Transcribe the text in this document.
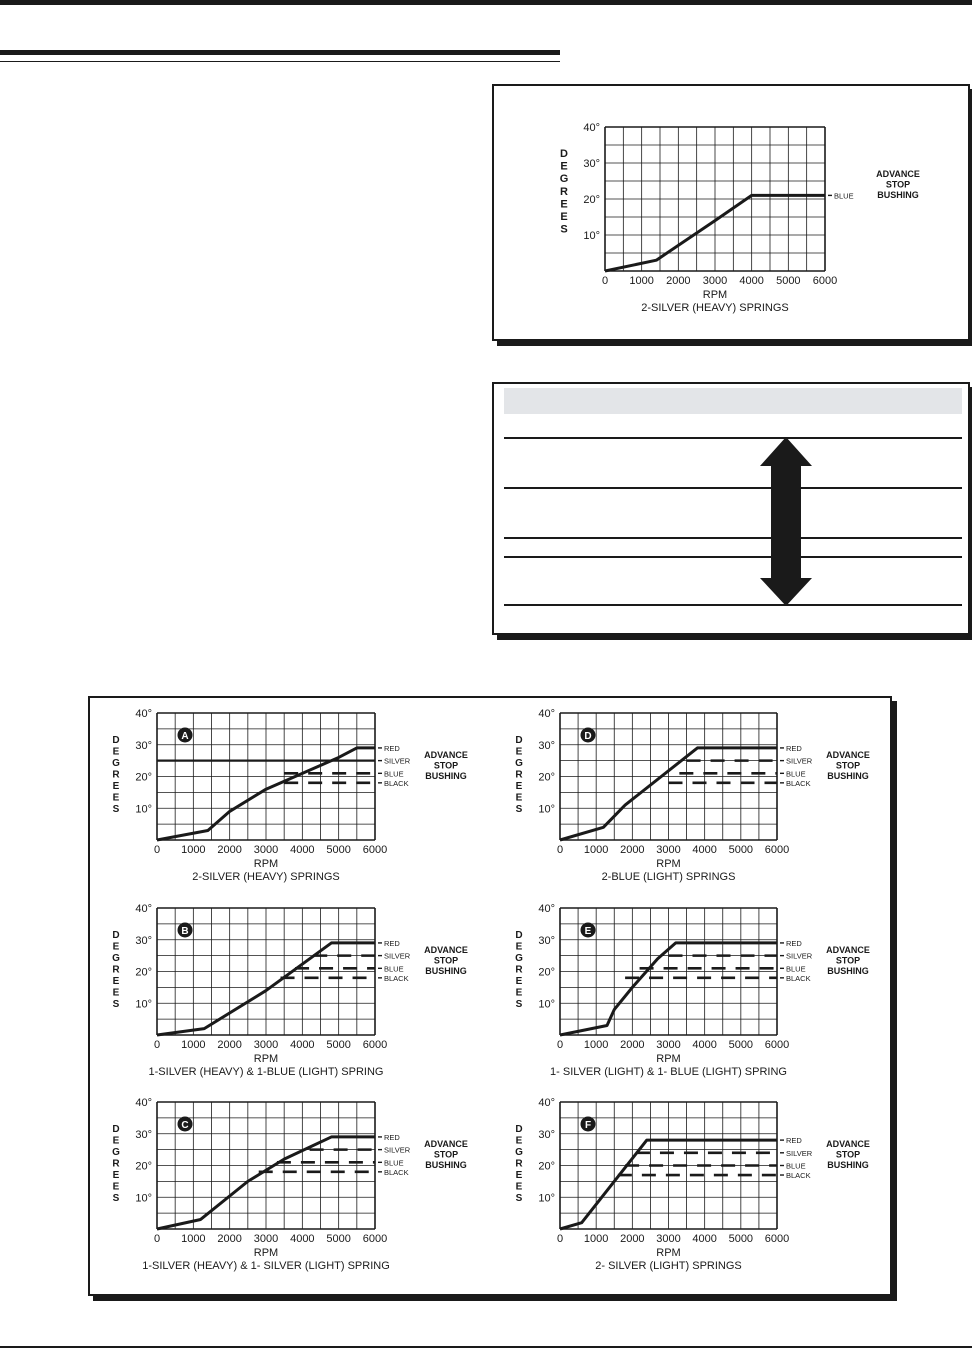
10°
20°
30°
40°
0 1000 2000 3000 4000 5000 6000
RPM
2-SILVER (HEAVY) SPRINGS
D
E
G
R
E
E
S
BLUE
ADVANCE
STOP
BUSHING
10°
20°
30°
40°
0 1000 2000 3000 4000 5000 6000
RPM
2-SILVER (HEAVY) SPRINGS
D
E
G
R
E
E
S
A
RED
SILVER
BLUE
BLACK
ADVANCE
STOP
BUSHING
10°
20°
30°
40°
0 1000 2000 3000 4000 5000 6000
RPM
1-SILVER (HEAVY) & 1-BLUE (LIGHT) SPRING
D
E
G
R
E
E
S
B
RED
SILVER
BLUE
BLACK
ADVANCE
STOP
BUSHING
10°
20°
30°
40°
0 1000 2000 3000 4000 5000 6000
RPM
1-SILVER (HEAVY) & 1- SILVER (LIGHT) SPRING
D
E
G
R
E
E
S
C
RED
SILVER
BLUE
BLACK
ADVANCE
STOP
BUSHING
10°
20°
30°
40°
0 1000 2000 3000 4000 5000 6000
RPM
2-BLUE (LIGHT) SPRINGS
D
E
G
R
E
E
S
D
RED
SILVER
BLUE
BLACK
ADVANCE
STOP
BUSHING
10°
20°
30°
40°
0 1000 2000 3000 4000 5000 6000
RPM
1- SILVER (LIGHT) & 1- BLUE (LIGHT) SPRING
D
E
G
R
E
E
S
E
RED
SILVER
BLUE
BLACK
ADVANCE
STOP
BUSHING
10°
20°
30°
40°
0 1000 2000 3000 4000 5000 6000
RPM
2- SILVER (LIGHT) SPRINGS
D
E
G
R
E
E
S
F
RED
SILVER
BLUE
BLACK
ADVANCE
STOP
BUSHING
